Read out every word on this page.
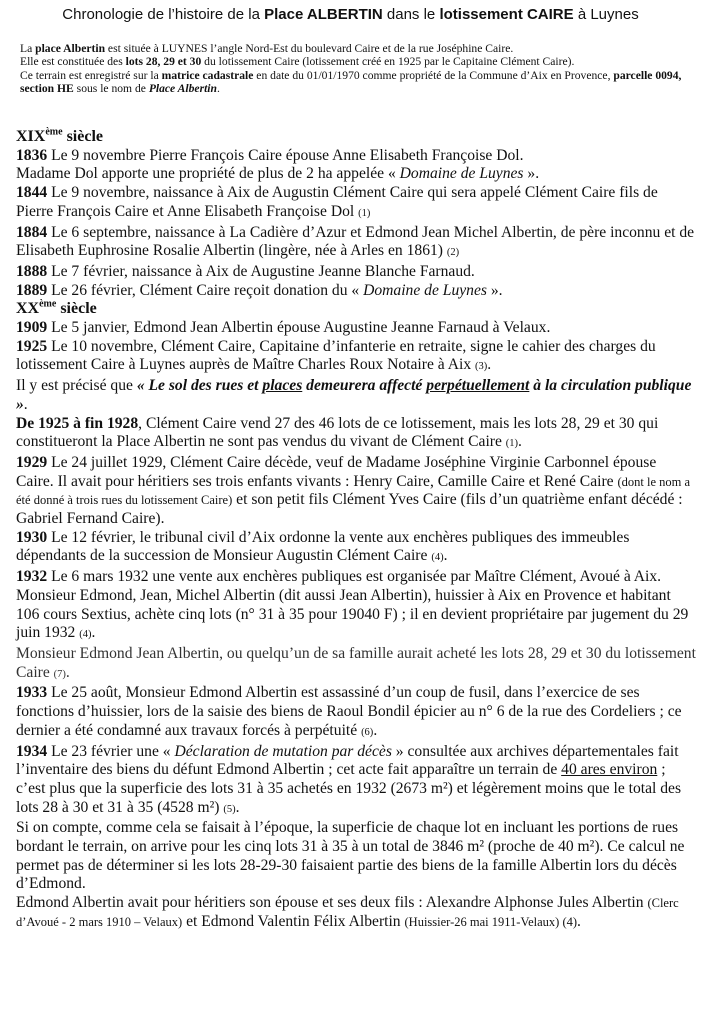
Chronologie de l’histoire de la Place ALBERTIN dans le lotissement CAIRE à Luynes

La place Albertin est située à LUYNES l’angle Nord-Est du boulevard Caire et de la rue Joséphine Caire.

Elle est constituée des lots 28, 29 et 30 du lotissement Caire (lotissement créé en 1925 par le Capitaine Clément Caire).

Ce terrain est enregistré sur la matrice cadastrale en date du 01/01/1970 comme propriété de la Commune d’Aix en Provence, parcelle 0094, section HE sous le nom de Place Albertin.

XIXème siècle

1836 Le 9 novembre Pierre François Caire épouse Anne Elisabeth Françoise Dol.
Madame Dol apporte une propriété de plus de 2 ha appelée « Domaine de Luynes ».

1844 Le 9 novembre, naissance à Aix de Augustin Clément Caire qui sera appelé Clément Caire fils de Pierre François Caire et Anne Elisabeth Françoise Dol (1)

1884 Le 6 septembre, naissance à La Cadière d’Azur et Edmond Jean Michel Albertin, de père inconnu et de Elisabeth Euphrosine Rosalie Albertin (lingère, née à Arles en 1861) (2)

1888 Le 7 février, naissance à Aix de Augustine Jeanne Blanche Farnaud.

1889 Le 26 février, Clément Caire reçoit donation du « Domaine de Luynes ».

XXème siècle

1909 Le 5 janvier, Edmond Jean Albertin épouse Augustine Jeanne Farnaud à Velaux.

1925 Le 10 novembre, Clément Caire, Capitaine d’infanterie en retraite, signe le cahier des charges du lotissement Caire à Luynes auprès de Maître Charles Roux Notaire à Aix (3).
Il y est précisé que « Le sol des rues et places demeurera affecté perpétuellement à la circulation publique ».

De 1925 à fin 1928, Clément Caire vend 27 des 46 lots de ce lotissement, mais les lots 28, 29 et 30 qui constitueront la Place Albertin ne sont pas vendus du vivant de Clément Caire (1).

1929 Le 24 juillet 1929, Clément Caire décède, veuf de Madame Joséphine Virginie Carbonnel épouse Caire. Il avait pour héritiers ses trois enfants vivants : Henry Caire, Camille Caire et René Caire (dont le nom a été donné à trois rues du lotissement Caire) et son petit fils Clément Yves Caire (fils d’un quatrième enfant décédé : Gabriel Fernand Caire).

1930 Le 12 février, le tribunal civil d’Aix ordonne la vente aux enchères publiques des immeubles dépendants de la succession de Monsieur Augustin Clément Caire (4).

1932 Le 6 mars 1932 une vente aux enchères publiques est organisée par Maître Clément, Avoué à Aix. Monsieur Edmond, Jean, Michel Albertin (dit aussi Jean Albertin), huissier à Aix en Provence et habitant 106 cours Sextius, achète cinq lots (n° 31 à 35 pour 19040 F) ; il en devient propriétaire par jugement du 29 juin 1932 (4).

Monsieur Edmond Jean Albertin, ou quelqu’un de sa famille aurait acheté les lots 28, 29 et 30 du lotissement Caire (7).

1933 Le 25 août, Monsieur Edmond Albertin est assassiné d’un coup de fusil, dans l’exercice de ses fonctions d’huissier, lors de la saisie des biens de Raoul Bondil épicier au n° 6 de la rue des Cordeliers ; ce dernier a été condamné aux travaux forcés à perpétuité (6).

1934 Le 23 février une « Déclaration de mutation par décès » consultée aux archives départementales fait l’inventaire des biens du défunt Edmond Albertin ; cet acte fait apparaître un terrain de 40 ares environ ; c’est plus que la superficie des lots 31 à 35 achetés en 1932 (2673 m²) et légèrement moins que le total des lots 28 à 30 et 31 à 35 (4528 m²) (5).

Si on compte, comme cela se faisait à l’époque, la superficie de chaque lot en incluant les portions de rues bordant le terrain, on arrive pour les cinq lots 31 à 35 à un total de 3846 m² (proche de 40 m²). Ce calcul ne permet pas de déterminer si les lots 28-29-30 faisaient partie des biens de la famille Albertin lors du décès d’Edmond.

Edmond Albertin avait pour héritiers son épouse et ses deux fils : Alexandre Alphonse Jules Albertin (Clerc d’Avoué - 2 mars 1910 – Velaux) et Edmond Valentin Félix Albertin (Huissier-26 mai 1911-Velaux) (4).
